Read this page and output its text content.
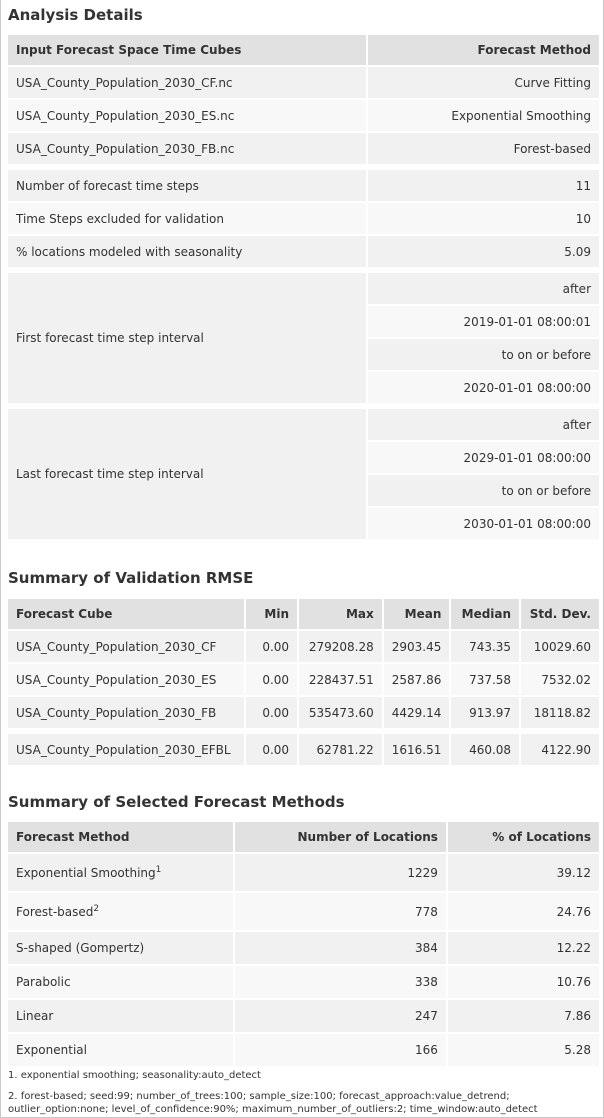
Analysis Details
Input Forecast Space Time Cubes	Forecast Method
USA_County_Population_2030_CF.nc	Curve Fitting
USA_County_Population_2030_ES.nc	Exponential Smoothing
USA_County_Population_2030_FB.nc	Forest-based

Number of forecast time steps	11
Time Steps excluded for validation	10
% locations modeled with seasonality	5.09

First forecast time step interval	after
	2019-01-01 08:00:01
	to on or before
	2020-01-01 08:00:00

Last forecast time step interval	after
	2029-01-01 08:00:00
	to on or before
	2030-01-01 08:00:00
Summary of Validation RMSE
Forecast Cube	Min	Max	Mean	Median	Std. Dev.
USA_County_Population_2030_CF	0.00	279208.28	2903.45	743.35	10029.60
USA_County_Population_2030_ES	0.00	228437.51	2587.86	737.58	7532.02
USA_County_Population_2030_FB	0.00	535473.60	4429.14	913.97	18118.82

USA_County_Population_2030_EFBL	0.00	62781.22	1616.51	460.08	4122.90
Summary of Selected Forecast Methods
Forecast Method	Number of Locations	% of Locations
Exponential Smoothing$^1$	1229	39.12
Forest-based$^2$	778	24.76
S-shaped (Gompertz)	384	12.22
Parabolic	338	10.76
Linear	247	7.86
Exponential	166	5.28
1. exponential smoothing; seasonality:auto_detect
2. forest-based; seed:99; number_of_trees:100; sample_size:100; forecast_approach:value_detrend; outlier_option:none; level_of_confidence:90%; maximum_number_of_outliers:2; time_window:auto_detect
